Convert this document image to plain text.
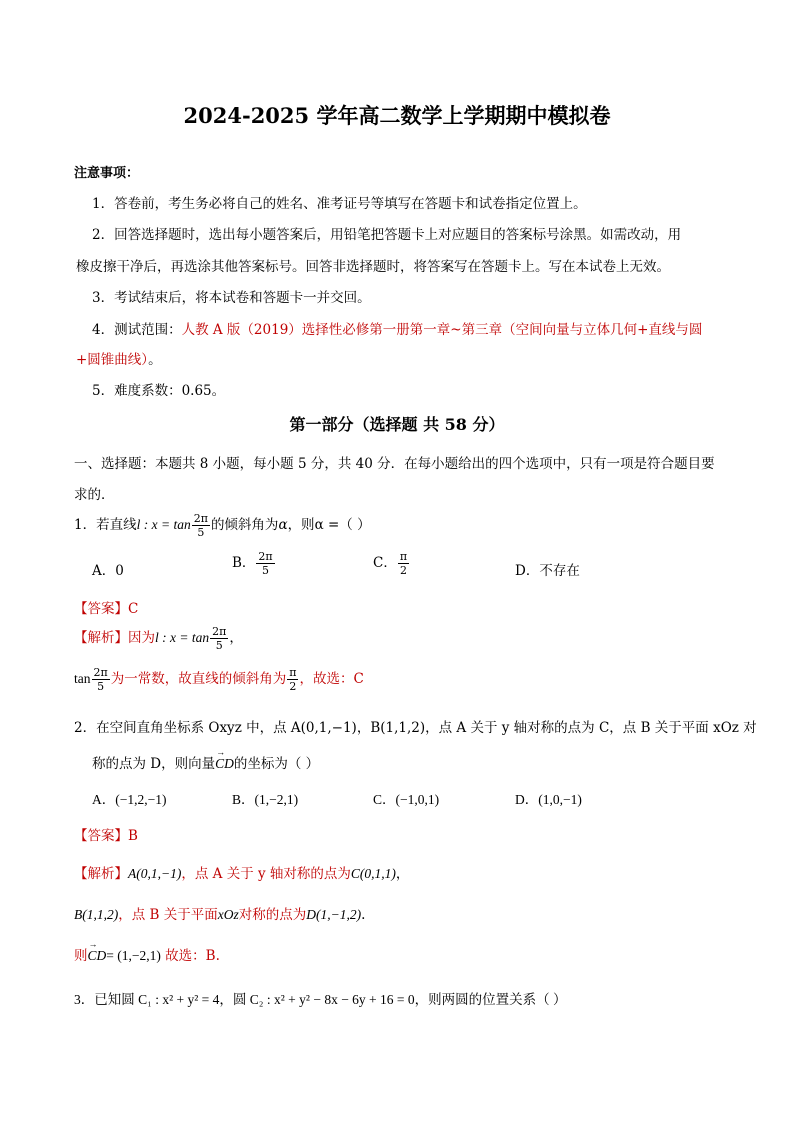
2024-2025 学年高二数学上学期期中模拟卷
注意事项：
1．答卷前，考生务必将自己的姓名、准考证号等填写在答题卡和试卷指定位置上。
2．回答选择题时，选出每小题答案后，用铅笔把答题卡上对应题目的答案标号涂黑。如需改动，用
橡皮擦干净后，再选涂其他答案标号。回答非选择题时，将答案写在答题卡上。写在本试卷上无效。
3．考试结束后，将本试卷和答题卡一并交回。
4．测试范围：人教 A 版（2019）选择性必修第一册第一章~第三章（空间向量与立体几何+直线与圆
+圆锥曲线）。
5．难度系数：0.65。
第一部分（选择题 共 58 分）
一、选择题：本题共 8 小题，每小题 5 分，共 40 分．在每小题给出的四个选项中，只有一项是符合题目要
求的．
1．若直线l : $x = \tan \frac{2\pi}{5}$ 的倾斜角为α，则α =（ ）
A．0	B． $\frac{2\pi}{5}$	C． $\frac{\pi}{2}$	D．不存在
【答案】C
【解析】因为l : $x = \tan \frac{2\pi}{5}$ ，
$\tan \frac{2\pi}{5}$ 为一常数，故直线的倾斜角为 $\frac{\pi}{2}$ ，故选：C
2．在空间直角坐标系 Oxyz 中，点 A(0,1,−1)，B(1,1,2)，点 A 关于 y 轴对称的点为 C，点 B 关于平面 xOz 对
称的点为 D，则向量→ CD的坐标为（ ）
A．(−1,2,−1)	B．(1,−2,1)	C．(−1,0,1)	D．(1,0,−1)
【答案】B
【解析】A(0,1,−1)，点 A 关于 y 轴对称的点为C(0,1,1)，
B(1,1,2)，点 B 关于平面xOz对称的点为D(1,−1,2).
则→ CD= (1,−2,1) 故选：B.
3．已知圆 C₁ : x² + y² = 4，圆 C₂ : x² + y² − 8x − 6y + 16 = 0，则两圆的位置关系（ ）
